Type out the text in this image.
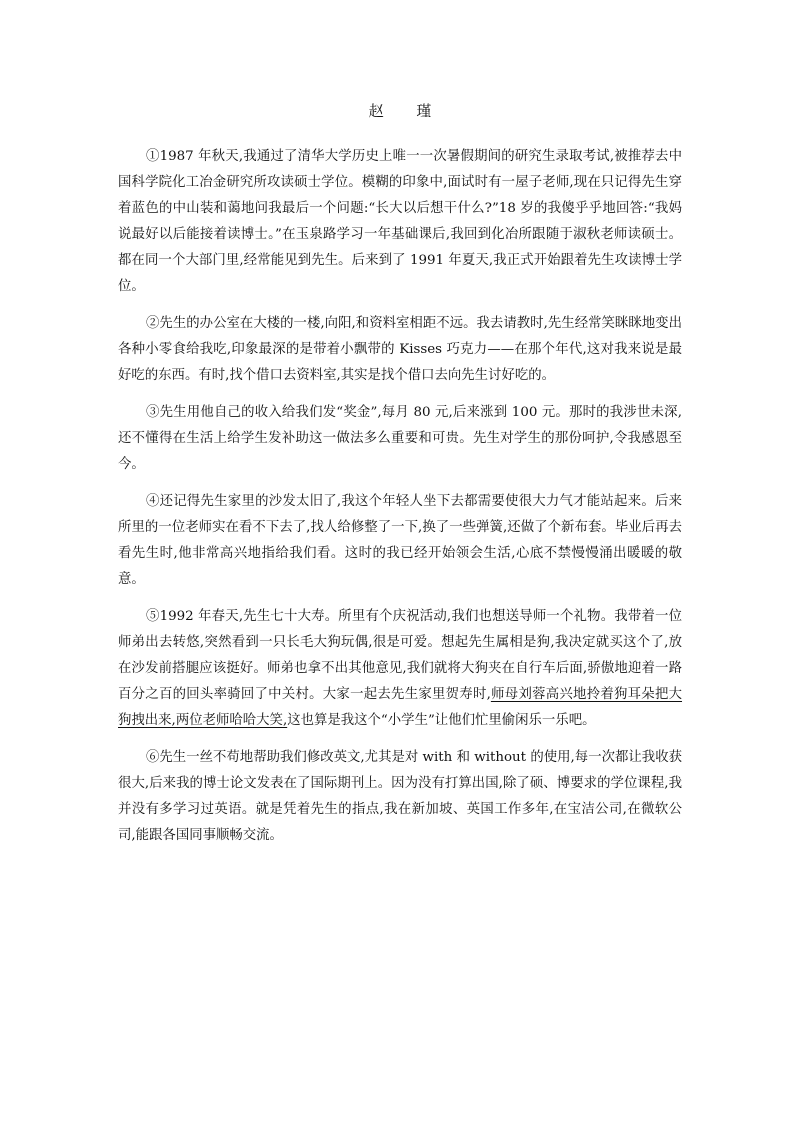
赵 瑾

①1987 年秋天,我通过了清华大学历史上唯一一次暑假期间的研究生录取考试,被推荐去中国科学院化工冶金研究所攻读硕士学位。模糊的印象中,面试时有一屋子老师,现在只记得先生穿着蓝色的中山装和蔼地问我最后一个问题:“长大以后想干什么?”18 岁的我傻乎乎地回答:“我妈说最好以后能接着读博士。”在玉泉路学习一年基础课后,我回到化冶所跟随于淑秋老师读硕士。都在同一个大部门里,经常能见到先生。后来到了 1991 年夏天,我正式开始跟着先生攻读博士学位。

②先生的办公室在大楼的一楼,向阳,和资料室相距不远。我去请教时,先生经常笑眯眯地变出各种小零食给我吃,印象最深的是带着小飘带的 Kisses 巧克力——在那个年代,这对我来说是最好吃的东西。有时,找个借口去资料室,其实是找个借口去向先生讨好吃的。

③先生用他自己的收入给我们发“奖金”,每月 80 元,后来涨到 100 元。那时的我涉世未深,还不懂得在生活上给学生发补助这一做法多么重要和可贵。先生对学生的那份呵护,令我感恩至今。

④还记得先生家里的沙发太旧了,我这个年轻人坐下去都需要使很大力气才能站起来。后来所里的一位老师实在看不下去了,找人给修整了一下,换了一些弹簧,还做了个新布套。毕业后再去看先生时,他非常高兴地指给我们看。这时的我已经开始领会生活,心底不禁慢慢涌出暖暖的敬意。

⑤1992 年春天,先生七十大寿。所里有个庆祝活动,我们也想送导师一个礼物。我带着一位师弟出去转悠,突然看到一只长毛大狗玩偶,很是可爱。想起先生属相是狗,我决定就买这个了,放在沙发前搭腿应该挺好。师弟也拿不出其他意见,我们就将大狗夹在自行车后面,骄傲地迎着一路百分之百的回头率骑回了中关村。大家一起去先生家里贺寿时,师母刘蓉高兴地拎着狗耳朵把大狗拽出来,两位老师哈哈大笑,这也算是我这个“小学生”让他们忙里偷闲乐一乐吧。

⑥先生一丝不苟地帮助我们修改英文,尤其是对 with 和 without 的使用,每一次都让我收获很大,后来我的博士论文发表在了国际期刊上。因为没有打算出国,除了硕、博要求的学位课程,我并没有多学习过英语。就是凭着先生的指点,我在新加坡、英国工作多年,在宝洁公司,在微软公司,能跟各国同事顺畅交流。
